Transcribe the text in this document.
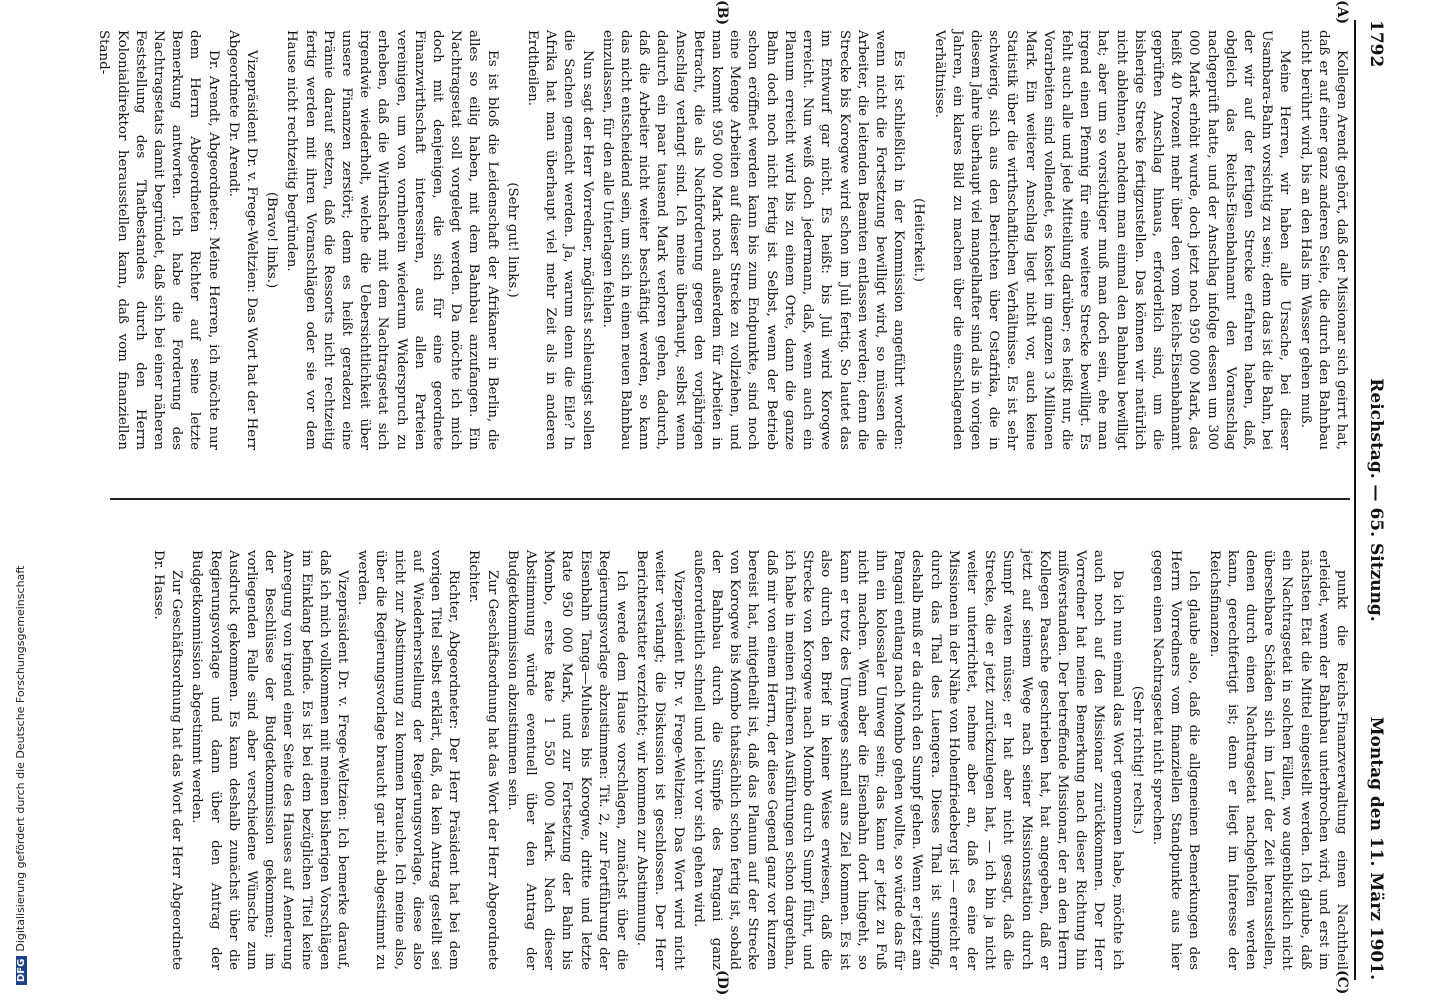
1792
Reichstag. — 65. Sitzung.
Montag den 11. März 1901.
(A)
(B)
(C)
(D)

Kollegen Arendt gehört, daß der Missionar sich geirrt hat, daß er auf einer ganz anderen Seite, die durch den Bahnbau nicht berührt wird, bis an den Hals im Wasser gehen muß.

Meine Herren, wir haben alle Ursache, bei dieser Usambara-Bahn vorsichtig zu sein; denn das ist die Bahn, bei der wir auf der fertigen Strecke erfahren haben, daß, obgleich das Reichs-Eisenbahnamt den Voranschlag nachgeprüft hatte, und der Anschlag infolge dessen um 300 000 Mark erhöht wurde, doch jetzt noch 950 000 Mark, das heißt 40 Prozent mehr über den vom Reichs-Eisenbahnamt geprüften Anschlag hinaus, erforderlich sind, um die bisherige Strecke fertigzustellen. Das können wir natürlich nicht ablehnen, nachdem man einmal den Bahnbau bewilligt hat; aber um so vorsichtiger muß man doch sein, ehe man irgend einen Pfennig für eine weitere Strecke bewilligt. Es fehlt auch alle und jede Mitteilung darüber; es heißt nur, die Vorarbeiten sind vollendet, es kostet im ganzen 3 Millionen Mark. Ein weiterer Anschlag liegt nicht vor, auch keine Statistik über die wirthschaftlichen Verhältnisse. Es ist sehr schwierig, sich aus den Berichten über Ostafrika, die in diesem Jahre überhaupt viel mangelhafter sind als in vorigen Jahren, ein klares Bild zu machen über die einschlagenden Verhältnisse.

(Heiterkeit.)

Es ist schließlich in der Kommission angeführt worden: wenn nicht die Fortsetzung bewilligt wird, so müssen die Arbeiter, die leitenden Beamten entlassen werden; denn die Strecke bis Korogwe wird schon im Juli fertig. So lautet das im Entwurf gar nicht. Es heißt: bis Juli wird Korogwe erreicht. Nun weiß doch jedermann, daß, wenn auch ein Planum erreicht wird bis zu einem Orte, dann die ganze Bahn doch noch nicht fertig ist. Selbst, wenn der Betrieb schon eröffnet werden kann bis zum Endpunkte, sind noch eine Menge Arbeiten auf dieser Strecke zu vollziehen, und man kommt 950 000 Mark noch außerdem für Arbeiten in Betracht, die als Nachforderung gegen den vorjährigen Anschlag verlangt sind. Ich meine überhaupt, selbst wenn dadurch ein paar tausend Mark verloren gehen, dadurch, daß die Arbeiter nicht weiter beschäftigt werden, so kann das nicht entscheidend sein, um sich in einen neuen Bahnbau einzulassen, für den alle Unterlagen fehlen.

Nun sagt der Herr Vorredner, möglichst schleunigst sollen die Sachen gemacht werden. Ja, warum denn die Eile? In Afrika hat man überhaupt viel mehr Zeit als in anderen Erdtheilen.

(Sehr gut! links.)

Es ist bloß die Leidenschaft der Afrikaner in Berlin, die alles so eilig haben, mit dem Bahnbau anzufangen. Ein Nachtragsetat soll vorgelegt werden. Da möchte ich mich doch mit denjenigen, die sich für eine geordnete Finanzwirthschaft interessiren, aus allen Parteien vereinigen, um von vornherein wiederum Widerspruch zu erheben, daß die Wirthschaft mit dem Nachtragsetat sich irgendwie wiederholt, welche die Uebersichtlichkeit über unsere Finanzen zerstört; denn es heißt geradezu eine Prämie darauf setzen, daß die Ressorts nicht rechtzeitig fertig werden mit ihren Voranschlägen oder sie vor dem Hause nicht rechtzeitig begründen.

(Bravo! links.)

Vizepräsident Dr. v. Frege-Weltzien: Das Wort hat der Herr Abgeordnete Dr. Arendt.

Dr. Arendt, Abgeordneter: Meine Herren, ich möchte nur dem Herrn Abgeordneten Richter auf seine letzte Bemerkung antworten. Ich habe die Forderung des Nachtragsetats damit begründet, daß sich bei einer näheren Feststellung des Thatbestandes durch den Herrn Kolonialdirektor herausstellen kann, daß vom finanziellen Stand-

punkt die Reichs-Finanzverwaltung einen Nachtheil erleidet, wenn der Bahnbau unterbrochen wird, und erst im nächsten Etat die Mittel eingestellt werden. Ich glaube, daß ein Nachtragsetat in solchen Fällen, wo augenblicklich nicht übersehbare Schäden sich im Lauf der Zeit herausstellen, denen durch einen Nachtragsetat nachgeholfen werden kann, gerechtfertigt ist; denn er liegt im Interesse der Reichsfinanzen.

Ich glaube also, daß die allgemeinen Bemerkungen des Herrn Vorredners vom finanziellen Standpunkte aus hier gegen einen Nachtragsetat nicht sprechen.

(Sehr richtig! rechts.)

Da ich nun einmal das Wort genommen habe, möchte ich auch noch auf den Missionar zurückkommen. Der Herr Vorredner hat meine Bemerkung nach dieser Richtung hin mißverstanden. Der betreffende Missionar, der an den Herrn Kollegen Paasche geschrieben hat, hat angegeben, daß er jetzt auf seinem Wege nach seiner Missionsstation durch Sumpf waten müsse; er hat aber nicht gesagt, daß die Strecke, die er jetzt zurückzulegen hat, — ich bin ja nicht weiter unterrichtet, nehme aber an, daß es eine der Missionen in der Nähe von Hohenfriedeberg ist — erreicht er durch das Thal des Luengera. Dieses Thal ist sumpfig, deshalb muß er da durch den Sumpf gehen. Wenn er jetzt am Pangani entlang nach Mombo gehen wollte, so würde das für ihn ein kolossaler Umweg sein; das kann er jetzt zu Fuß nicht machen. Wenn aber die Eisenbahn dort hingeht, so kann er trotz des Umweges schnell ans Ziel kommen. Es ist also durch den Brief in keiner Weise erwiesen, daß die Strecke von Korogwe nach Mombo durch Sumpf führt, und ich habe in meinen früheren Ausführungen schon dargethan, daß mir von einem Herrn, der diese Gegend ganz vor kurzem bereist hat, mitgetheilt ist, daß das Planum auf der Strecke von Korogwe bis Mombo thatsächlich schon fertig ist, sobald der Bahnbau durch die Sümpfe des Pangani ganz außerordentlich schnell und leicht vor sich gehen wird.

Vizepräsident Dr. v. Frege-Weltzien: Das Wort wird nicht weiter verlangt; die Diskussion ist geschlossen. Der Herr Berichterstatter verzichtet; wir kommen zur Abstimmung.

Ich werde dem Hause vorschlagen, zunächst über die Regierungsvorlage abzustimmen: Tit. 2, zur Fortführung der Eisenbahn Tanga—Muhesa bis Korogwe, dritte und letzte Rate 950 000 Mark, und zur Fortsetzung der Bahn bis Mombo, erste Rate 1 550 000 Mark. Nach dieser Abstimmung würde eventuell über den Antrag der Budgetkommission abzustimmen sein.

Zur Geschäftsordnung hat das Wort der Herr Abgeordnete Richter.

Richter, Abgeordneter: Der Herr Präsident hat bei dem vorigen Titel selbst erklärt, daß, da kein Antrag gestellt sei auf Wiederherstellung der Regierungsvorlage, diese also nicht zur Abstimmung zu kommen brauche. Ich meine also, über die Regierungsvorlage braucht gar nicht abgestimmt zu werden.

Vizepräsident Dr. v. Frege-Weltzien: Ich bemerke darauf, daß ich mich vollkommen mit meinen bisherigen Vorschlägen im Einklang befinde. Es ist bei dem bezüglichen Titel keine Anregung von irgend einer Seite des Hauses auf Aenderung der Beschlüsse der Budgetkommission gekommen; im vorliegenden Falle sind aber verschiedene Wünsche zum Ausdruck gekommen. Es kann deshalb zunächst über die Regierungsvorlage und dann über den Antrag der Budgetkommission abgestimmt werden.

Zur Geschäftsordnung hat das Wort der Herr Abgeordnete Dr. Hasse.

DFGDigitalisierung gefördert durch die Deutsche Forschungsgemeinschaft
